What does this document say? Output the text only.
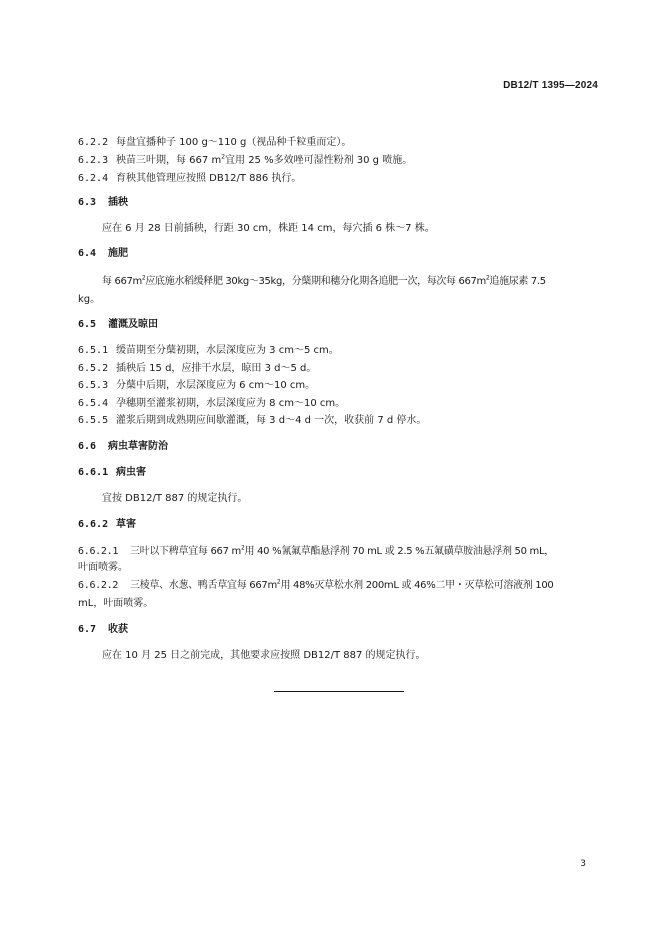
DB12/T 1395—2024
6.2.2 每盘宜播种子 100 g～110 g（视品种千粒重而定）。
6.2.3 秧苗三叶期，每 667 $m^2$宜用 25 %多效唑可湿性粉剂 30 g 喷施。
6.2.4 育秧其他管理应按照 DB12/T 886 执行。
6.3 插秧
应在 6 月 28 日前插秧，行距 30 cm，株距 14 cm，每穴插 6 株～7 株。
6.4 施肥
每 $667m^2$应底施水稻缓释肥 30kg～35kg，分蘖期和穗分化期各追肥一次，每次每 $667m^2$追施尿素 7.5
kg。
6.5 灌溉及晾田
6.5.1 缓苗期至分蘖初期，水层深度应为 3 cm～5 cm。
6.5.2 插秧后 15 d，应排干水层，晾田 3 d～5 d。
6.5.3 分蘖中后期，水层深度应为 6 cm～10 cm。
6.5.4 孕穗期至灌浆初期，水层深度应为 8 cm～10 cm。
6.5.5 灌浆后期到成熟期应间歇灌溉，每 3 d～4 d 一次，收获前 7 d 停水。
6.6 病虫草害防治
6.6.1 病虫害
宜按 DB12/T 887 的规定执行。
6.6.2 草害
6.6.2.1 三叶以下稗草宜每 667 $m^2$用 40 %氰氟草酯悬浮剂 70 mL 或 2.5 %五氟磺草胺油悬浮剂 50 mL，
叶面喷雾。
6.6.2.2 三棱草、水葱、鸭舌草宜每 $667m^2$用 48%灭草松水剂 200mL 或 46%二甲・灭草松可溶液剂 100
mL，叶面喷雾。
6.7 收获
应在 10 月 25 日之前完成，其他要求应按照 DB12/T 887 的规定执行。
3
